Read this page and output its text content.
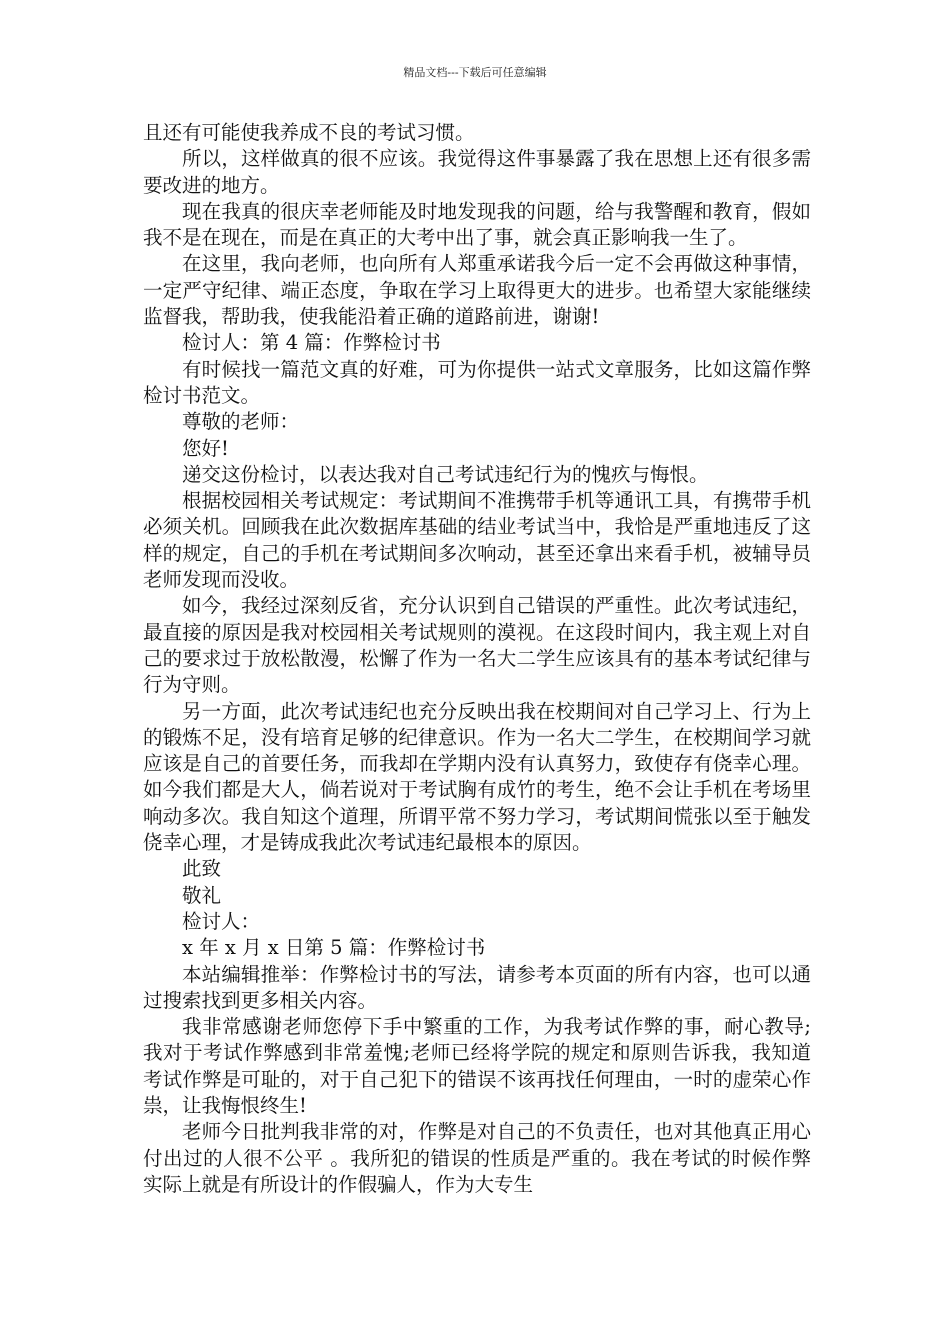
精品文档---下载后可任意编辑

且还有可能使我养成不良的考试习惯。

所以，这样做真的很不应该。我觉得这件事暴露了我在思想上还有很多需要改进的地方。

现在我真的很庆幸老师能及时地发现我的问题，给与我警醒和教育，假如我不是在现在，而是在真正的大考中出了事，就会真正影响我一生了。

在这里，我向老师，也向所有人郑重承诺我今后一定不会再做这种事情，一定严守纪律、端正态度，争取在学习上取得更大的进步。也希望大家能继续监督我，帮助我，使我能沿着正确的道路前进，谢谢!

检讨人：第 4 篇：作弊检讨书

有时候找一篇范文真的好难，可为你提供一站式文章服务，比如这篇作弊检讨书范文。

尊敬的老师：

您好!

递交这份检讨，以表达我对自己考试违纪行为的愧疚与悔恨。

根据校园相关考试规定：考试期间不准携带手机等通讯工具，有携带手机必须关机。回顾我在此次数据库基础的结业考试当中，我恰是严重地违反了这样的规定，自己的手机在考试期间多次响动，甚至还拿出来看手机，被辅导员老师发现而没收。

如今，我经过深刻反省，充分认识到自己错误的严重性。此次考试违纪，最直接的原因是我对校园相关考试规则的漠视。在这段时间内，我主观上对自己的要求过于放松散漫，松懈了作为一名大二学生应该具有的基本考试纪律与行为守则。

另一方面，此次考试违纪也充分反映出我在校期间对自己学习上、行为上的锻炼不足，没有培育足够的纪律意识。作为一名大二学生，在校期间学习就应该是自己的首要任务，而我却在学期内没有认真努力，致使存有侥幸心理。如今我们都是大人，倘若说对于考试胸有成竹的考生，绝不会让手机在考场里响动多次。我自知这个道理，所谓平常不努力学习，考试期间慌张以至于触发侥幸心理，才是铸成我此次考试违纪最根本的原因。

此致

敬礼

检讨人：

x 年 x 月 x 日第 5 篇：作弊检讨书

本站编辑推举：作弊检讨书的写法，请参考本页面的所有内容，也可以通过搜索找到更多相关内容。

我非常感谢老师您停下手中繁重的工作，为我考试作弊的事，耐心教导;我对于考试作弊感到非常羞愧;老师已经将学院的规定和原则告诉我，我知道考试作弊是可耻的，对于自己犯下的错误不该再找任何理由，一时的虚荣心作祟，让我悔恨终生!

老师今日批判我非常的对，作弊是对自己的不负责任，也对其他真正用心付出过的人很不公平 。我所犯的错误的性质是严重的。我在考试的时候作弊实际上就是有所设计的作假骗人，作为大专生
